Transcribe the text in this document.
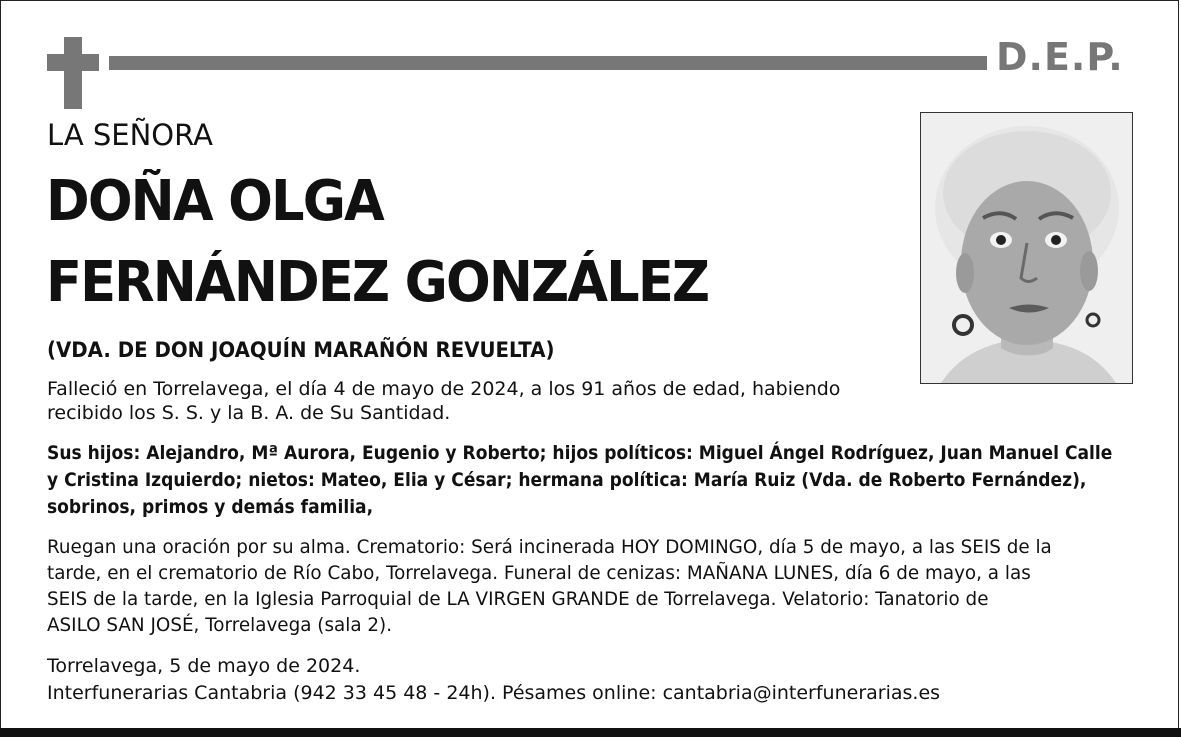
D.E.P.
LA SEÑORA
DOÑA OLGA
FERNÁNDEZ GONZÁLEZ
(VDA. DE DON JOAQUÍN MARAÑÓN REVUELTA)
Falleció en Torrelavega, el día 4 de mayo de 2024, a los 91 años de edad, habiendo
recibido los S. S. y la B. A. de Su Santidad.
Sus hijos: Alejandro, Mª Aurora, Eugenio y Roberto; hijos políticos: Miguel Ángel Rodríguez, Juan Manuel Calle
y Cristina Izquierdo; nietos: Mateo, Elia y César; hermana política: María Ruiz (Vda. de Roberto Fernández),
sobrinos, primos y demás familia,
Ruegan una oración por su alma. Crematorio: Será incinerada HOY DOMINGO, día 5 de mayo, a las SEIS de la
tarde, en el crematorio de Río Cabo, Torrelavega. Funeral de cenizas: MAÑANA LUNES, día 6 de mayo, a las
SEIS de la tarde, en la Iglesia Parroquial de LA VIRGEN GRANDE de Torrelavega. Velatorio: Tanatorio de
ASILO SAN JOSÉ, Torrelavega (sala 2).
Torrelavega, 5 de mayo de 2024.
Interfunerarias Cantabria (942 33 45 48 - 24h). Pésames online: cantabria@interfunerarias.es
